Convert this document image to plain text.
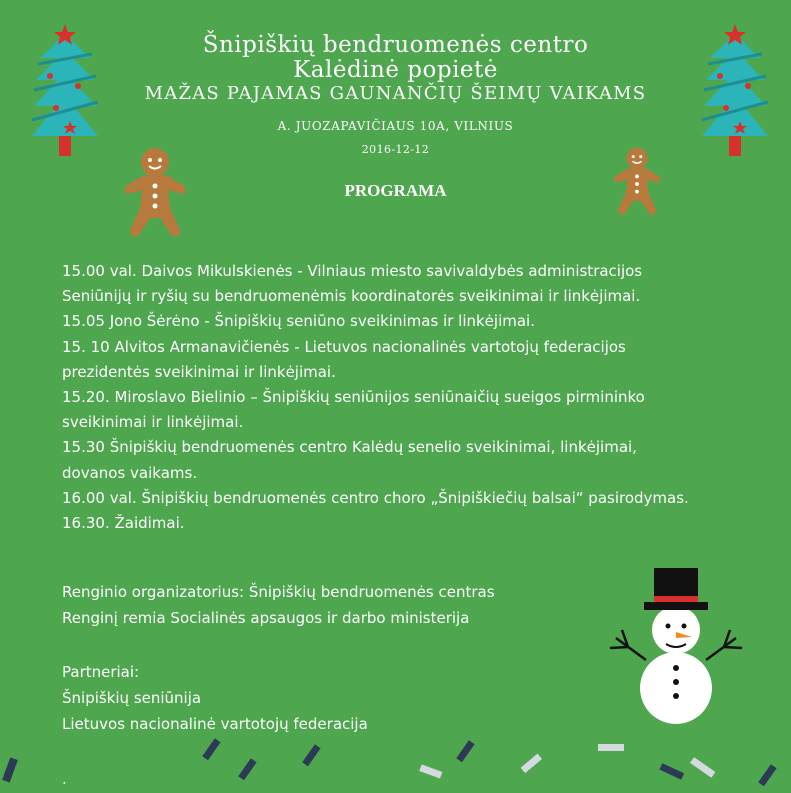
Šnipiškių bendruomenės centro
Kalėdinė popietė
MAŽAS PAJAMAS GAUNANČIŲ ŠEIMŲ VAIKAMS
A. JUOZAPAVIČIAUS 10A, VILNIUS
2016-12-12
PROGRAMA
15.00 val. Daivos Mikulskienės - Vilniaus miesto savivaldybės administracijos
Seniūnijų ir ryšių su bendruomenėmis koordinatorės sveikinimai ir linkėjimai.
15.05 Jono Šėrėno - Šnipiškių seniūno sveikinimas ir linkėjimai.
15. 10 Alvitos Armanavičienės - Lietuvos nacionalinės vartotojų federacijos
prezidentės sveikinimai ir linkėjimai.
15.20. Miroslavo Bielinio – Šnipiškių seniūnijos seniūnaičių sueigos pirmininko
sveikinimai ir linkėjimai.
15.30 Šnipiškių bendruomenės centro Kalėdų senelio sveikinimai, linkėjimai,
dovanos vaikams.
16.00 val. Šnipiškių bendruomenės centro choro „Šnipiškiečių balsai“ pasirodymas.
16.30. Žaidimai.
Renginio organizatorius: Šnipiškių bendruomenės centras
Renginį remia Socialinės apsaugos ir darbo ministerija
Partneriai:
Šnipiškių seniūnija
Lietuvos nacionalinė vartotojų federacija
.
